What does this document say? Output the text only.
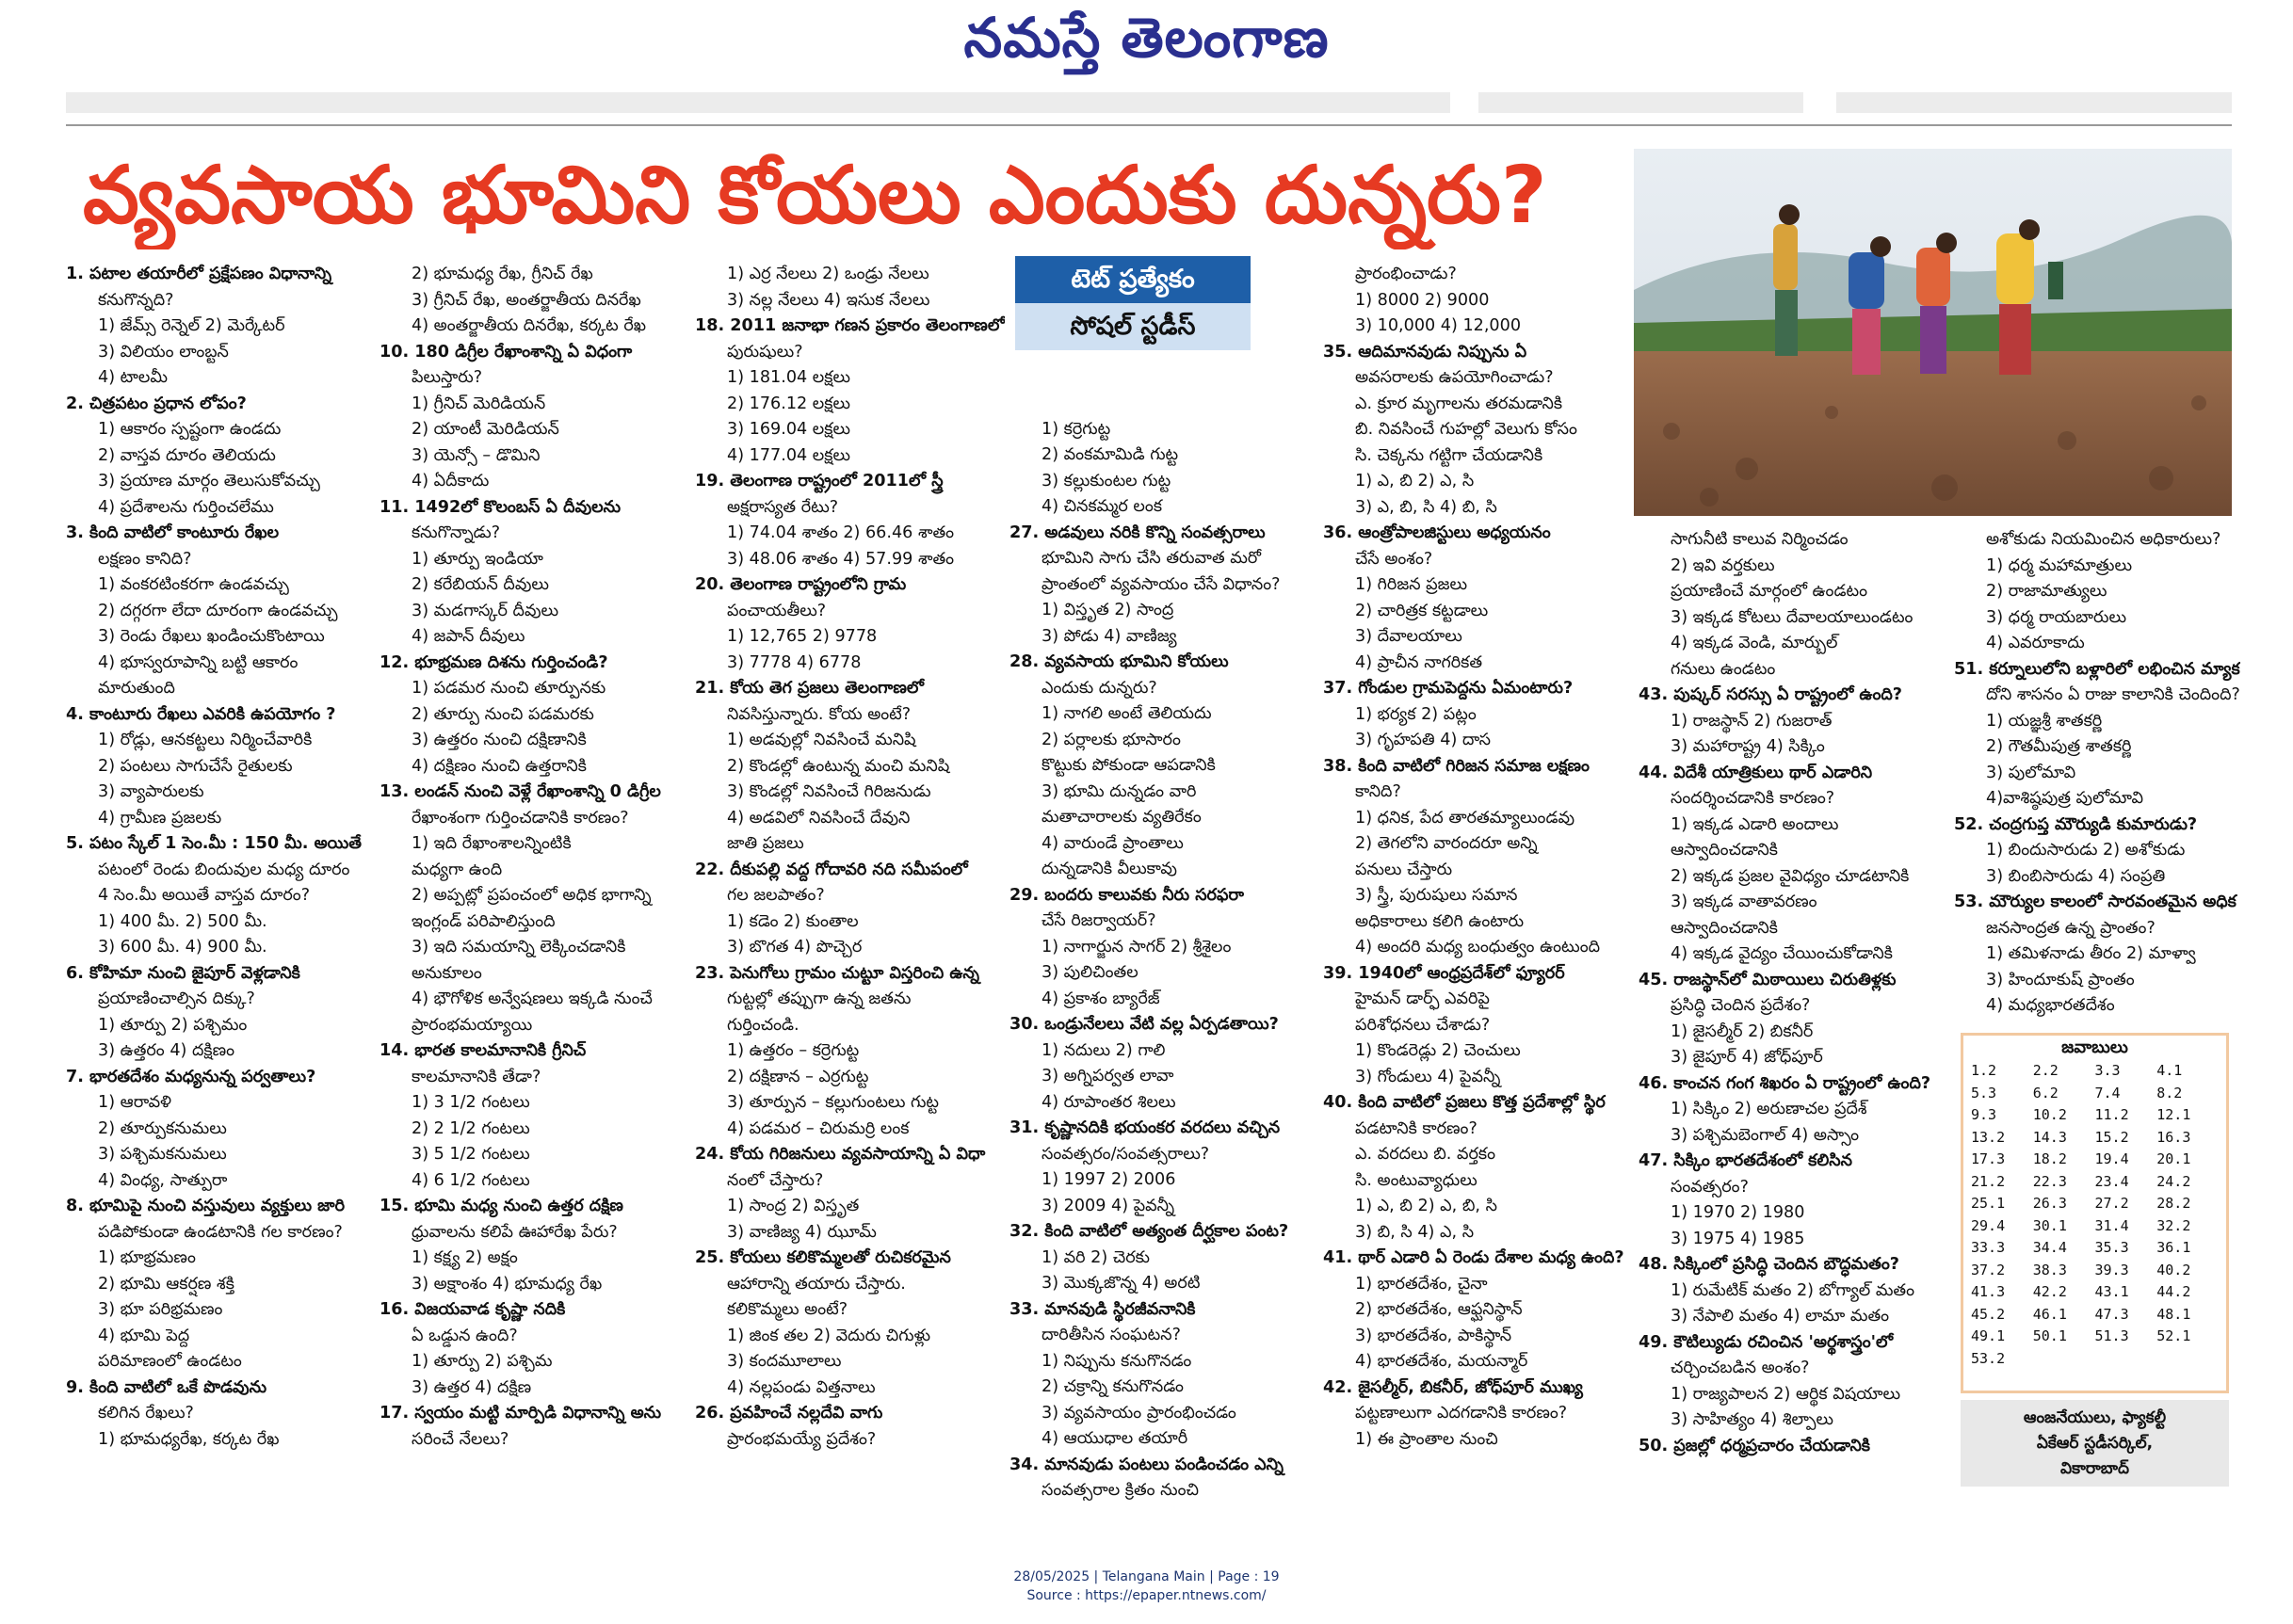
నమస్తే తెలంగాణ
వ్యవసాయ భూమిని కోయలు ఎందుకు దున్నరు?
టెట్ ప్రత్యేకం
సోషల్ స్టడీస్
1. పటాల తయారీలో ప్రక్షేపణం విధానాన్ని
కనుగొన్నది?
1) జేమ్స్ రెన్నెల్ 2) మెర్కేటర్
3) విలియం లాంబ్టన్
4) టాలమీ
2. చిత్రపటం ప్రధాన లోపం?
1) ఆకారం స్పష్టంగా ఉండదు
2) వాస్తవ దూరం తెలియదు
3) ప్రయాణ మార్గం తెలుసుకోవచ్చు
4) ప్రదేశాలను గుర్తించలేము
3. కింది వాటిలో కాంటూరు రేఖల
లక్షణం కానిది?
1) వంకరటింకరగా ఉండవచ్చు
2) దగ్గరగా లేదా దూరంగా ఉండవచ్చు
3) రెండు రేఖలు ఖండించుకొంటాయి
4) భూస్వరూపాన్ని బట్టి ఆకారం
మారుతుంది
4. కాంటూరు రేఖలు ఎవరికి ఉపయోగం ?
1) రోడ్లు, ఆనకట్టలు నిర్మించేవారికి
2) పంటలు సాగుచేసే రైతులకు
3) వ్యాపారులకు
4) గ్రామీణ ప్రజలకు
5. పటం స్కేల్ 1 సెం.మీ : 150 మీ. అయితే
పటంలో రెండు బిందువుల మధ్య దూరం
4 సెం.మీ అయితే వాస్తవ దూరం?
1) 400 మీ. 2) 500 మీ.
3) 600 మీ. 4) 900 మీ.
6. కోహిమా నుంచి జైపూర్ వెళ్లడానికి
ప్రయాణించాల్సిన దిక్కు?
1) తూర్పు 2) పశ్చిమం
3) ఉత్తరం 4) దక్షిణం
7. భారతదేశం మధ్యనున్న పర్వతాలు?
1) ఆరావళి
2) తూర్పుకనుమలు
3) పశ్చిమకనుమలు
4) వింధ్య, సాత్పురా
8. భూమిపై నుంచి వస్తువులు వ్యక్తులు జారి
పడిపోకుండా ఉండటానికి గల కారణం?
1) భూభ్రమణం
2) భూమి ఆకర్షణ శక్తి
3) భూ పరిభ్రమణం
4) భూమి పెద్ద
పరిమాణంలో ఉండటం
9. కింది వాటిలో ఒకే పొడవును
కలిగిన రేఖలు?
1) భూమధ్యరేఖ, కర్కట రేఖ
2) భూమధ్య రేఖ, గ్రీనిచ్ రేఖ
3) గ్రీనిచ్ రేఖ, అంతర్జాతీయ దినరేఖ
4) అంతర్జాతీయ దినరేఖ, కర్కట రేఖ
10. 180 డిగ్రీల రేఖాంశాన్ని ఏ విధంగా
పిలుస్తారు?
1) గ్రీనిచ్ మెరిడియన్
2) యాంటీ మెరిడియన్
3) యెన్సో – డొమిని
4) ఏదీకాదు
11. 1492లో కొలంబస్ ఏ దీవులను
కనుగొన్నాడు?
1) తూర్పు ఇండియా
2) కరేబియన్ దీవులు
3) మడగాస్కర్ దీవులు
4) జపాన్ దీవులు
12. భూభ్రమణ దిశను గుర్తించండి?
1) పడమర నుంచి తూర్పునకు
2) తూర్పు నుంచి పడమరకు
3) ఉత్తరం నుంచి దక్షిణానికి
4) దక్షిణం నుంచి ఉత్తరానికి
13. లండన్ నుంచి వెళ్లే రేఖాంశాన్ని 0 డిగ్రీల
రేఖాంశంగా గుర్తించడానికి కారణం?
1) ఇది రేఖాంశాలన్నింటికి
మధ్యగా ఉంది
2) అప్పట్లో ప్రపంచంలో అధిక భాగాన్ని
ఇంగ్లండ్ పరిపాలిస్తుంది
3) ఇది సమయాన్ని లెక్కించడానికి
అనుకూలం
4) భౌగోళిక అన్వేషణలు ఇక్కడి నుంచే
ప్రారంభమయ్యాయి
14. భారత కాలమానానికి గ్రీనిచ్
కాలమానానికి తేడా?
1) 3 1/2 గంటలు
2) 2 1/2 గంటలు
3) 5 1/2 గంటలు
4) 6 1/2 గంటలు
15. భూమి మధ్య నుంచి ఉత్తర దక్షిణ
ధ్రువాలను కలిపే ఊహారేఖ పేరు?
1) కక్ష్య 2) అక్షం
3) అక్షాంశం 4) భూమధ్య రేఖ
16. విజయవాడ కృష్ణా నదికి
ఏ ఒడ్డున ఉంది?
1) తూర్పు 2) పశ్చిమ
3) ఉత్తర 4) దక్షిణ
17. స్వయం మట్టి మార్పిడి విధానాన్ని అను
సరించే నేలలు?
1) ఎర్ర నేలలు 2) ఒండ్రు నేలలు
3) నల్ల నేలలు 4) ఇసుక నేలలు
18. 2011 జనాభా గణన ప్రకారం తెలంగాణలో
పురుషులు?
1) 181.04 లక్షలు
2) 176.12 లక్షలు
3) 169.04 లక్షలు
4) 177.04 లక్షలు
19. తెలంగాణ రాష్ట్రంలో 2011లో స్త్రీ
అక్షరాస్యత రేటు?
1) 74.04 శాతం 2) 66.46 శాతం
3) 48.06 శాతం 4) 57.99 శాతం
20. తెలంగాణ రాష్ట్రంలోని గ్రామ
పంచాయతీలు?
1) 12,765 2) 9778
3) 7778 4) 6778
21. కోయ తెగ ప్రజలు తెలంగాణలో
నివసిస్తున్నారు. కోయ అంటే?
1) అడవుల్లో నివసించే మనిషి
2) కొండల్లో ఉంటున్న మంచి మనిషి
3) కొండల్లో నివసించే గిరిజనుడు
4) అడవిలో నివసించే దేవుని
జాతి ప్రజలు
22. దీకుపల్లి వద్ద గోదావరి నది సమీపంలో
గల జలపాతం?
1) కడెం 2) కుంతాల
3) బొగత 4) పొచ్చెర
23. పెనుగోలు గ్రామం చుట్టూ విస్తరించి ఉన్న
గుట్టల్లో తప్పుగా ఉన్న జతను
గుర్తించండి.
1) ఉత్తరం – కర్రెగుట్ట
2) దక్షిణాన – ఎర్రగుట్ట
3) తూర్పున – కల్లుగుంటలు గుట్ట
4) పడమర – చిరుమర్రి లంక
24. కోయ గిరిజనులు వ్యవసాయాన్ని ఏ విధా
నంలో చేస్తారు?
1) సాంద్ర 2) విస్తృత
3) వాణిజ్య 4) ఝూమ్
25. కోయలు కలికొమ్మలతో రుచికరమైన
ఆహారాన్ని తయారు చేస్తారు.
కలికొమ్మలు అంటే?
1) జింక తల 2) వెదురు చిగుళ్లు
3) కందమూలాలు
4) నల్లపండు విత్తనాలు
26. ప్రవహించే నల్లదేవి వాగు
ప్రారంభమయ్యే ప్రదేశం?

1) కర్రెగుట్ట
2) వంకమామిడి గుట్ట
3) కల్లుకుంటల గుట్ట
4) చినకమ్మర లంక
27. అడవులు నరికి కొన్ని సంవత్సరాలు
భూమిని సాగు చేసి తరువాత మరో
ప్రాంతంలో వ్యవసాయం చేసే విధానం?
1) విస్తృత 2) సాంద్ర
3) పోడు 4) వాణిజ్య
28. వ్యవసాయ భూమిని కోయలు
ఎందుకు దున్నరు?
1) నాగలి అంటే తెలియదు
2) పర్లాలకు భూసారం
కొట్టుకు పోకుండా ఆపడానికి
3) భూమి దున్నడం వారి
మతాచారాలకు వ్యతిరేకం
4) వారుండే ప్రాంతాలు
దున్నడానికి వీలుకావు
29. బందరు కాలువకు నీరు సరఫరా
చేసే రిజర్వాయర్?
1) నాగార్జున సాగర్ 2) శ్రీశైలం
3) పులిచింతల
4) ప్రకాశం బ్యారేజ్
30. ఒండ్రునేలలు వేటి వల్ల ఏర్పడతాయి?
1) నదులు 2) గాలి
3) అగ్నిపర్వత లావా
4) రూపాంతర శిలలు
31. కృష్ణానదికి భయంకర వరదలు వచ్చిన
సంవత్సరం/సంవత్సరాలు?
1) 1997 2) 2006
3) 2009 4) పైవన్నీ
32. కింది వాటిలో అత్యంత దీర్ఘకాల పంట?
1) వరి 2) చెరకు
3) మొక్కజొన్న 4) అరటి
33. మానవుడి స్థిరజీవనానికి
దారితీసిన సంఘటన?
1) నిప్పును కనుగొనడం
2) చక్రాన్ని కనుగొనడం
3) వ్యవసాయం ప్రారంభించడం
4) ఆయుధాల తయారీ
34. మానవుడు పంటలు పండించడం ఎన్ని
సంవత్సరాల క్రితం నుంచి
ప్రారంభించాడు?
1) 8000 2) 9000
3) 10,000 4) 12,000
35. ఆదిమానవుడు నిప్పును ఏ
అవసరాలకు ఉపయోగించాడు?
ఎ. క్రూర మృగాలను తరమడానికి
బి. నివసించే గుహల్లో వెలుగు కోసం
సి. చెక్కను గట్టిగా చేయడానికి
1) ఎ, బి 2) ఎ, సి
3) ఎ, బి, సి 4) బి, సి
36. ఆంత్రోపాలజిస్టులు అధ్యయనం
చేసే అంశం?
1) గిరిజన ప్రజలు
2) చారిత్రక కట్టడాలు
3) దేవాలయాలు
4) ప్రాచీన నాగరికత
37. గోండుల గ్రామపెద్దను ఏమంటారు?
1) భర్యక 2) పట్లం
3) గృహపతి 4) దాస
38. కింది వాటిలో గిరిజన సమాజ లక్షణం
కానిది?
1) ధనిక, పేద తారతమ్యాలుండవు
2) తెగలోని వారందరూ అన్ని
పనులు చేస్తారు
3) స్త్రీ, పురుషులు సమాన
అధికారాలు కలిగి ఉంటారు
4) అందరి మధ్య బంధుత్వం ఉంటుంది
39. 1940లో ఆంధ్రప్రదేశ్‌లో ఫ్యూరర్
హైమన్ డార్ఫ్ ఎవరిపై
పరిశోధనలు చేశాడు?
1) కొండరెడ్లు 2) చెంచులు
3) గోండులు 4) పైవన్నీ
40. కింది వాటిలో ప్రజలు కొత్త ప్రదేశాల్లో స్థిర
పడటానికి కారణం?
ఎ. వరదలు బి. వర్తకం
సి. అంటువ్యాధులు
1) ఎ, బి 2) ఎ, బి, సి
3) బి, సి 4) ఎ, సి
41. థార్ ఎడారి ఏ రెండు దేశాల మధ్య ఉంది?
1) భారతదేశం, చైనా
2) భారతదేశం, ఆఫ్ఘనిస్థాన్
3) భారతదేశం, పాకిస్థాన్
4) భారతదేశం, మయన్మార్
42. జైసల్మీర్, బికనీర్, జోధ్‌పూర్ ముఖ్య
పట్టణాలుగా ఎదగడానికి కారణం?
1) ఈ ప్రాంతాల నుంచి
సాగునీటి కాలువ నిర్మించడం
2) ఇవి వర్తకులు
ప్రయాణించే మార్గంలో ఉండటం
3) ఇక్కడ కోటలు దేవాలయాలుండటం
4) ఇక్కడ వెండి, మార్బుల్
గనులు ఉండటం
43. పుష్కర్ సరస్సు ఏ రాష్ట్రంలో ఉంది?
1) రాజస్థాన్ 2) గుజరాత్
3) మహారాష్ట్ర 4) సిక్కిం
44. విదేశీ యాత్రికులు థార్ ఎడారిని
సందర్శించడానికి కారణం?
1) ఇక్కడ ఎడారి అందాలు
ఆస్వాదించడానికి
2) ఇక్కడ ప్రజల వైవిధ్యం చూడటానికి
3) ఇక్కడ వాతావరణం
ఆస్వాదించడానికి
4) ఇక్కడ వైద్యం చేయించుకోడానికి
45. రాజస్థాన్‌లో మిఠాయిలు చిరుతిళ్లకు
ప్రసిద్ధి చెందిన ప్రదేశం?
1) జైసల్మీర్ 2) బికనీర్
3) జైపూర్ 4) జోధ్‌పూర్
46. కాంచన గంగ శిఖరం ఏ రాష్ట్రంలో ఉంది?
1) సిక్కిం 2) అరుణాచల ప్రదేశ్
3) పశ్చిమబెంగాల్ 4) అస్సాం
47. సిక్కిం భారతదేశంలో కలిసిన
సంవత్సరం?
1) 1970 2) 1980
3) 1975 4) 1985
48. సిక్కింలో ప్రసిద్ధి చెందిన బౌద్ధమతం?
1) రుమేటిక్ మతం 2) బోగ్యాల్ మతం
3) నేపాలి మతం 4) లామా మతం
49. కౌటిల్యుడు రచించిన 'అర్థశాస్త్రం'లో
చర్చించబడిన అంశం?
1) రాజ్యపాలన 2) ఆర్థిక విషయాలు
3) సాహిత్యం 4) శిల్పాలు
50. ప్రజల్లో ధర్మప్రచారం చేయడానికి
అశోకుడు నియమించిన అధికారులు?
1) ధర్మ మహామాత్రులు
2) రాజామాత్యులు
3) ధర్మ రాయబారులు
4) ఎవరూకాదు
51. కర్నూలులోని బళ్లారిలో లభించిన మ్యాక
దోని శాసనం ఏ రాజు కాలానికి చెందింది?
1) యజ్ఞశ్రీ శాతకర్ణి
2) గౌతమీపుత్ర శాతకర్ణి
3) పులోమావి
4)వాశిష్ఠపుత్ర పులోమావి
52. చంద్రగుప్త మౌర్యుడి కుమారుడు?
1) బిందుసారుడు 2) అశోకుడు
3) బింబిసారుడు 4) సంప్రతి
53. మౌర్యుల కాలంలో సారవంతమైన అధిక
జనసాంద్రత ఉన్న ప్రాంతం?
1) తమిళనాడు తీరం 2) మాళ్వా
3) హిందూకుష్ ప్రాంతం
4) మధ్యభారతదేశం
జవాబులు
1.2	2.2	3.3	4.1
5.3	6.2	7.4	8.2
9.3	10.2	11.2	12.1
13.2	14.3	15.2	16.3
17.3	18.2	19.4	20.1
21.2	22.3	23.4	24.2
25.1	26.3	27.2	28.2
29.4	30.1	31.4	32.2
33.3	34.4	35.3	36.1
37.2	38.3	39.3	40.2
41.3	42.2	43.1	44.2
45.2	46.1	47.3	48.1
49.1	50.1	51.3	52.1
53.2
ఆంజనేయులు, ఫ్యాకల్టీ
ఏకేఆర్ స్టడీసర్కిల్,
వికారాబాద్
28/05/2025 | Telangana Main | Page : 19
Source : https://epaper.ntnews.com/
